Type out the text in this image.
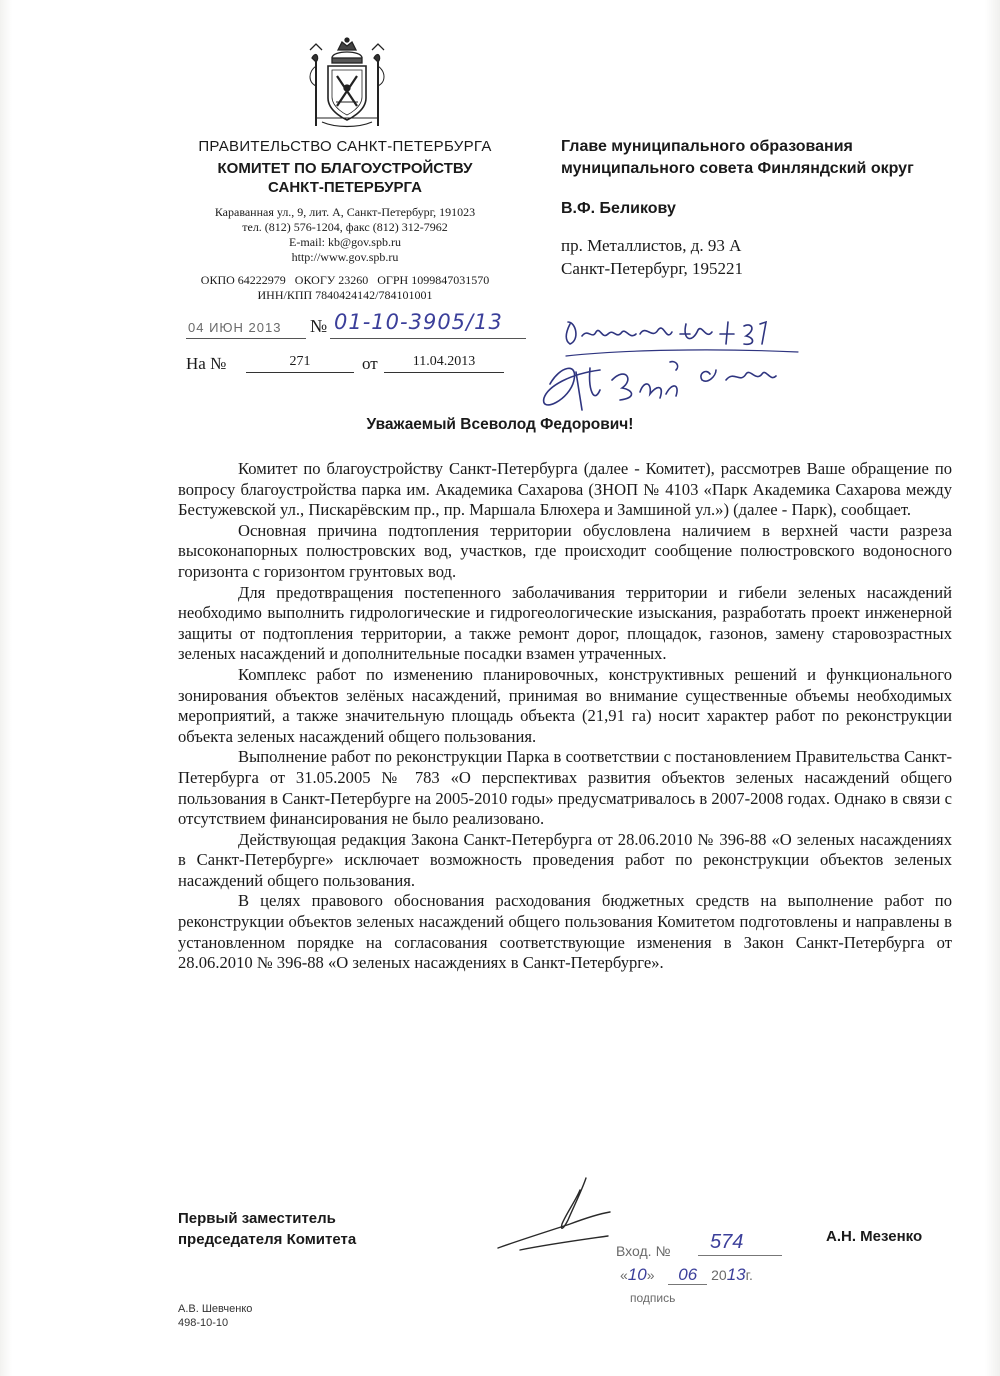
ПРАВИТЕЛЬСТВО САНКТ-ПЕТЕРБУРГА
КОМИТЕТ ПО БЛАГОУСТРОЙСТВУ
САНКТ-ПЕТЕРБУРГА
Караванная ул., 9, лит. А, Санкт-Петербург, 191023
тел. (812) 576-1204, факс (812) 312-7962
E-mail: kb@gov.spb.ru
http://www.gov.spb.ru
ОКПО 64222979   ОКОГУ 23260   ОГРН 1099847031570
ИНН/КПП 7840424142/784101001
04 ИЮН 2013 № 01-10-3905/13
На №	271	от	11.04.2013
Главе муниципального образования
муниципального совета Финляндский округ
В.Ф. Беликову
пр. Металлистов, д. 93 А
Санкт-Петербург, 195221
Уважаемый Всеволод Федорович!

Комитет по благоустройству Санкт-Петербурга (далее - Комитет), рассмотрев Ваше обращение по вопросу благоустройства парка им. Академика Сахарова (ЗНОП № 4103 «Парк Академика Сахарова между Бестужевской ул., Пискарёвским пр., пр. Маршала Блюхера и Замшиной ул.») (далее - Парк), сообщает.

Основная причина подтопления территории обусловлена наличием в верхней части разреза высоконапорных полюстровских вод, участков, где происходит сообщение полюстровского водоносного горизонта с горизонтом грунтовых вод.

Для предотвращения постепенного заболачивания территории и гибели зеленых насаждений необходимо выполнить гидрологические и гидрогеологические изыскания, разработать проект инженерной защиты от подтопления территории, а также ремонт дорог, площадок, газонов, замену старовозрастных зеленых насаждений и дополнительные посадки взамен утраченных.

Комплекс работ по изменению планировочных, конструктивных решений и функционального зонирования объектов зелёных насаждений, принимая во внимание существенные объемы необходимых мероприятий, а также значительную площадь объекта (21,91 га) носит характер работ по реконструкции объекта зеленых насаждений общего пользования.

Выполнение работ по реконструкции Парка в соответствии с постановлением Правительства Санкт-Петербурга от 31.05.2005 № 783 «О перспективах развития объектов зеленых насаждений общего пользования в Санкт-Петербурге на 2005-2010 годы» предусматривалось в 2007-2008 годах. Однако в связи с отсутствием финансирования не было реализовано.

Действующая редакция Закона Санкт-Петербурга от 28.06.2010 № 396-88 «О зеленых насаждениях в Санкт-Петербурге» исключает возможность проведения работ по реконструкции объектов зеленых насаждений общего пользования.

В целях правового обоснования расходования бюджетных средств на выполнение работ по реконструкции объектов зеленых насаждений общего пользования Комитетом подготовлены и направлены в установленном порядке на согласования соответствующие изменения в Закон Санкт-Петербурга от 28.06.2010 № 396-88 «О зеленых насаждениях в Санкт-Петербурге».

Первый заместитель
председателя Комитета	А.Н. Мезенко
Вход. № 574
«10»  06 2013г.
подпись
А.В. Шевченко
498-10-10
